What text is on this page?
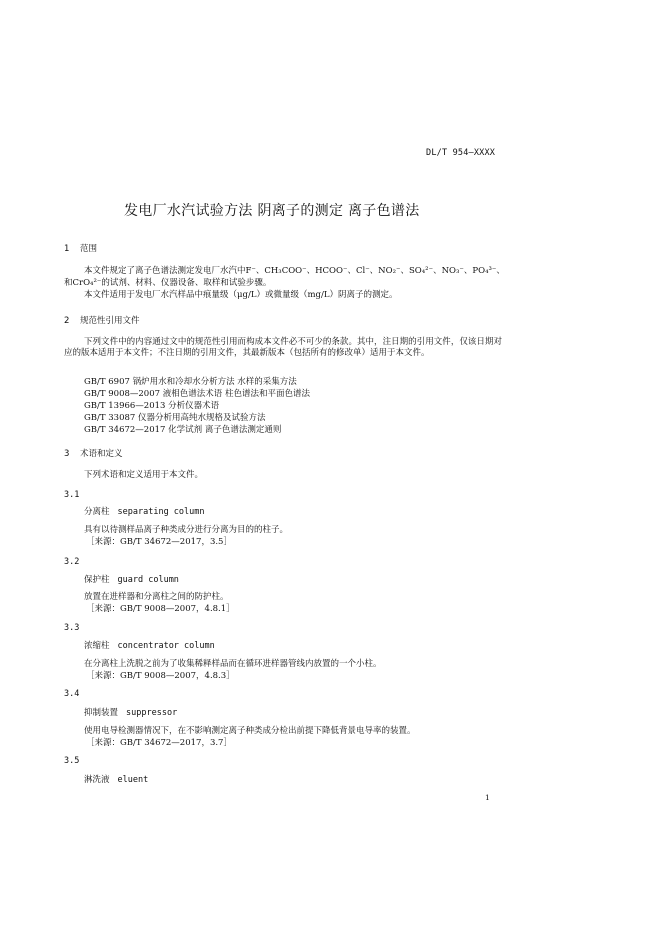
DL/T 954—XXXX
发电厂水汽试验方法 阴离子的测定 离子色谱法
1 范围
本文件规定了离子色谱法测定发电厂水汽中F⁻、CH₃COO⁻、HCOO⁻、Cl⁻、NO₂⁻、SO₄²⁻、NO₃⁻、PO₄³⁻、
和CrO₄²⁻的试剂、材料、仪器设备、取样和试验步骤。
本文件适用于发电厂水汽样品中痕量级（μg/L）或微量级（mg/L）阴离子的测定。
2 规范性引用文件
下列文件中的内容通过文中的规范性引用而构成本文件必不可少的条款。其中，注日期的引用文件，仅该日期对应的版本适用于本文件；不注日期的引用文件，其最新版本（包括所有的修改单）适用于本文件。
GB/T 6907 锅炉用水和冷却水分析方法 水样的采集方法
GB/T 9008—2007 液相色谱法术语 柱色谱法和平面色谱法
GB/T 13966—2013 分析仪器术语
GB/T 33087 仪器分析用高纯水规格及试验方法
GB/T 34672—2017 化学试剂 离子色谱法测定通则
3 术语和定义
下列术语和定义适用于本文件。
3.1
分离柱 separating column
具有以待测样品离子种类成分进行分离为目的的柱子。
［来源：GB/T 34672—2017，3.5］
3.2
保护柱 guard column
放置在进样器和分离柱之间的防护柱。
［来源：GB/T 9008—2007，4.8.1］
3.3
浓缩柱 concentrator column
在分离柱上洗脱之前为了收集稀释样品而在循环进样器管线内放置的一个小柱。
［来源：GB/T 9008—2007，4.8.3］
3.4
抑制装置 suppressor
使用电导检测器情况下，在不影响测定离子种类成分检出前提下降低背景电导率的装置。
［来源：GB/T 34672—2017，3.7］
3.5
淋洗液 eluent
1
